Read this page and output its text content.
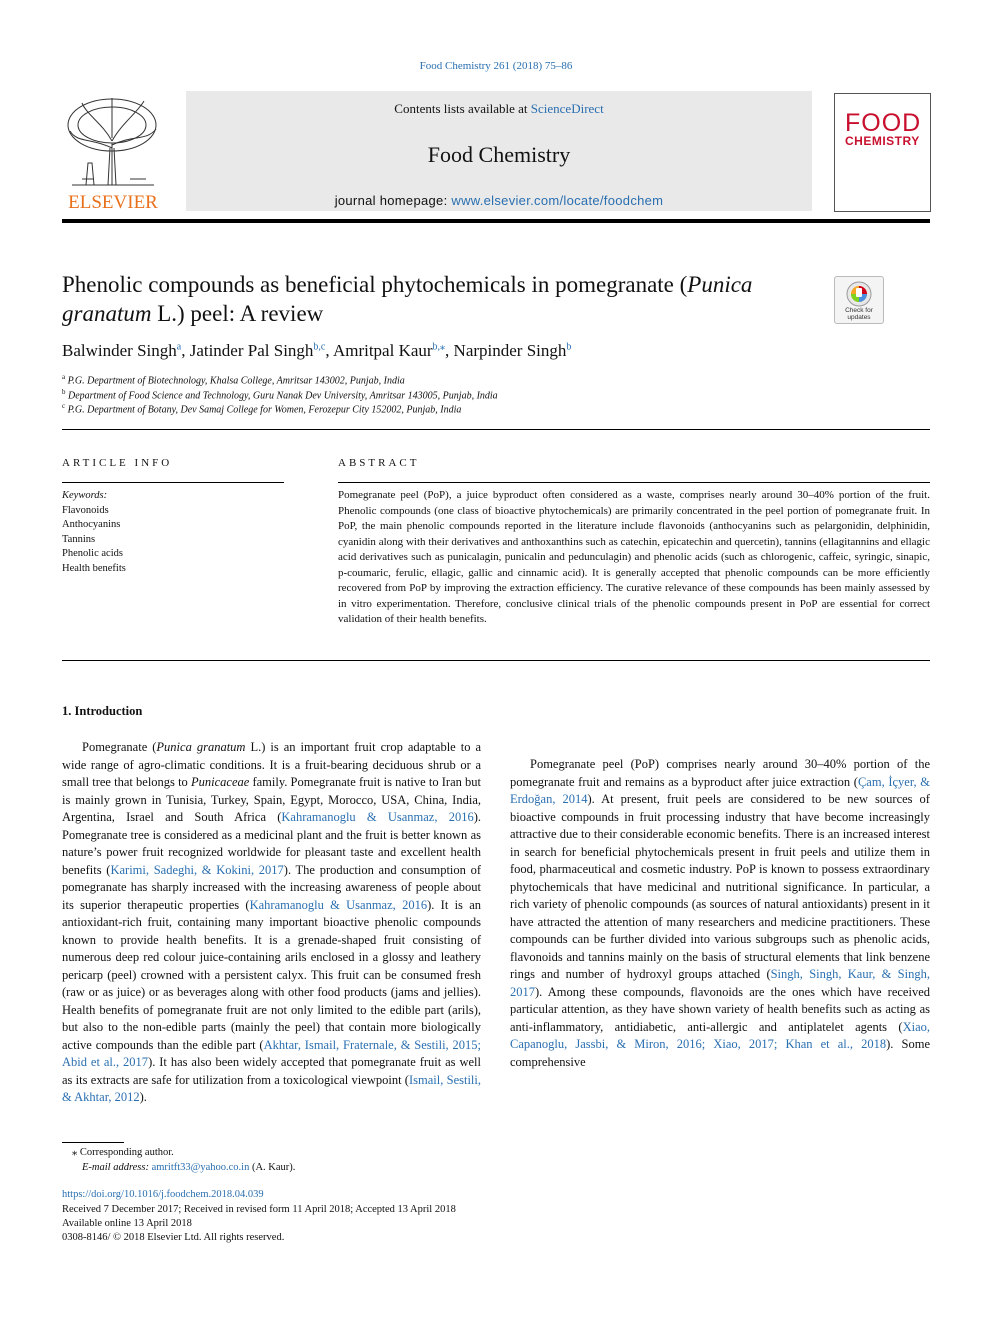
Food Chemistry 261 (2018) 75–86
ELSEVIER
Contents lists available at ScienceDirect
Food Chemistry
journal homepage: www.elsevier.com/locate/foodchem
FOOD
CHEMISTRY
Phenolic compounds as beneficial phytochemicals in pomegranate (Punica
granatum L.) peel: A review	Check for updates
Balwinder Singh$^a$, Jatinder Pal Singh$^{b,c}$, Amritpal Kaur$^{b,⁎}$, Narpinder Singh$^b$
$^a$ P.G. Department of Biotechnology, Khalsa College, Amritsar 143002, Punjab, India
$^b$ Department of Food Science and Technology, Guru Nanak Dev University, Amritsar 143005, Punjab, India
$^c$ P.G. Department of Botany, Dev Samaj College for Women, Ferozepur City 152002, Punjab, India
ARTICLE INFO
Keywords:
Flavonoids
Anthocyanins
Tannins
Phenolic acids
Health benefits
ABSTRACT
Pomegranate peel (PoP), a juice byproduct often considered as a waste, comprises nearly around 30–40% portion of the fruit. Phenolic compounds (one class of bioactive phytochemicals) are primarily concentrated in the peel portion of pomegranate fruit. In PoP, the main phenolic compounds reported in the literature include flavonoids (anthocyanins such as pelargonidin, delphinidin, cyanidin along with their derivatives and anthoxanthins such as catechin, epicatechin and quercetin), tannins (ellagitannins and ellagic acid derivatives such as punicalagin, punicalin and pedunculagin) and phenolic acids (such as chlorogenic, caffeic, syringic, sinapic, p-coumaric, ferulic, ellagic, gallic and cinnamic acid). It is generally accepted that phenolic compounds can be more efficiently recovered from PoP by improving the extraction efficiency. The curative relevance of these compounds has been mainly assessed by in vitro experimentation. Therefore, conclusive clinical trials of the phenolic compounds present in PoP are essential for correct validation of their health benefits.
1. Introduction
Pomegranate (Punica granatum L.) is an important fruit crop adaptable to a wide range of agro-climatic conditions. It is a fruit-bearing deciduous shrub or a small tree that belongs to Punicaceae family. Pomegranate fruit is native to Iran but is mainly grown in Tunisia, Turkey, Spain, Egypt, Morocco, USA, China, India, Argentina, Israel and South Africa (Kahramanoglu & Usanmaz, 2016). Pomegranate tree is considered as a medicinal plant and the fruit is better known as nature’s power fruit recognized worldwide for pleasant taste and excellent health benefits (Karimi, Sadeghi, & Kokini, 2017). The production and consumption of pomegranate has sharply increased with the increasing awareness of people about its superior therapeutic properties (Kahramanoglu & Usanmaz, 2016). It is an antioxidant-rich fruit, containing many important bioactive phenolic compounds known to provide health benefits. It is a grenade-shaped fruit consisting of numerous deep red colour juice-containing arils enclosed in a glossy and leathery pericarp (peel) crowned with a persistent calyx. This fruit can be consumed fresh (raw or as juice) or as beverages along with other food products (jams and jellies). Health benefits of pomegranate fruit are not only limited to the edible part (arils), but also to the non-edible parts (mainly the peel) that contain more biologically active compounds than the edible part (Akhtar, Ismail, Fraternale, & Sestili, 2015; Abid et al., 2017). It has also been widely accepted that pomegranate fruit as well as its extracts are safe for utilization from a toxicological viewpoint (Ismail, Sestili, & Akhtar, 2012).
Pomegranate peel (PoP) comprises nearly around 30–40% portion of the pomegranate fruit and remains as a byproduct after juice extraction (Çam, İçyer, & Erdoğan, 2014). At present, fruit peels are considered to be new sources of bioactive compounds in fruit processing industry that have become increasingly attractive due to their considerable economic benefits. There is an increased interest in search for beneficial phytochemicals present in fruit peels and utilize them in food, pharmaceutical and cosmetic industry. PoP is known to possess extraordinary phytochemicals that have medicinal and nutritional significance. In particular, a rich variety of phenolic compounds (as sources of natural antioxidants) present in it have attracted the attention of many researchers and medicine practitioners. These compounds can be further divided into various subgroups such as phenolic acids, flavonoids and tannins mainly on the basis of structural elements that link benzene rings and number of hydroxyl groups attached (Singh, Singh, Kaur, & Singh, 2017). Among these compounds, flavonoids are the ones which have received particular attention, as they have shown variety of health benefits such as acting as anti-inflammatory, antidiabetic, anti-allergic and antiplatelet agents (Xiao, Capanoglu, Jassbi, & Miron, 2016; Xiao, 2017; Khan et al., 2018). Some comprehensive
⁎ Corresponding author.
E-mail address: amritft33@yahoo.co.in (A. Kaur).
https://doi.org/10.1016/j.foodchem.2018.04.039
Received 7 December 2017; Received in revised form 11 April 2018; Accepted 13 April 2018
Available online 13 April 2018
0308-8146/ © 2018 Elsevier Ltd. All rights reserved.
